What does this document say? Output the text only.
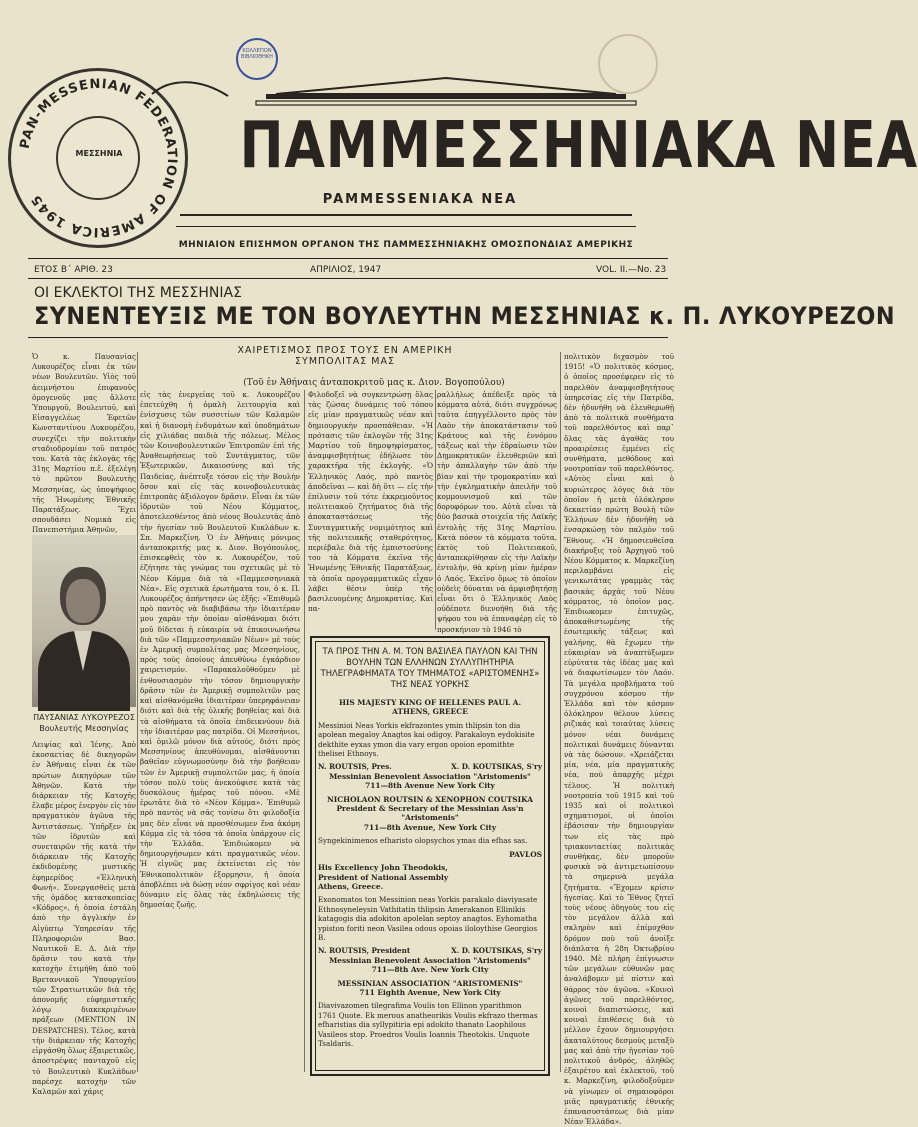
PAN-MESSENIAN FEDERATION OF AMERICA 1945
ΜΕΣΣΗΝΙΑ
ΚΟΛΛΕΓΙΟΝ ΒΙΒΛΙΟΘΗΚΗ
ΠΑΜΜΕΣΣΗΝΙΑΚΑ ΝΕΑ
PAMMESSENIAKA NEA
ΜΗΝΙΑΙΟΝ ΕΠΙΣΗΜΟΝ ΟΡΓΑΝΟΝ ΤΗΣ ΠΑΜΜΕΣΣΗΝΙΑΚΗΣ ΟΜΟΣΠΟΝΔΙΑΣ ΑΜΕΡΙΚΗΣ
ΕΤΟΣ Β΄ ΑΡΙΘ. 23	ΑΠΡΙΛΙΟΣ, 1947	VOL. II.—No. 23
ΟΙ ΕΚΛΕΚΤΟΙ ΤΗΣ ΜΕΣΣΗΝΙΑΣ
ΣΥΝΕΝΤΕΥΞΙΣ ΜΕ ΤΟΝ ΒΟΥΛΕΥΤΗΝ ΜΕΣΣΗΝΙΑΣ κ. Π. ΛΥΚΟΥΡΕΖΟΝ
ΧΑΙΡΕΤΙΣΜΟΣ ΠΡΟΣ ΤΟΥΣ ΕΝ ΑΜΕΡΙΚΗ ΣΥΜΠΟΛΙΤΑΣ ΜΑΣ
(Τοῦ ἐν Ἀθήναις ἀνταποκριτοῦ μας κ. Διον. Βογοπούλου)
Ὁ κ. Παυσανίας Λυκουρέζος εἶναι ἐκ τῶν νέων Βουλευτῶν. Υἱὸς τοῦ ἀειμνήστου ἐπιφανοῦς ὁμογενοῦς μας ἄλλοτε Ὑπουργοῦ, Βουλευτοῦ, καὶ Εἰσαγγελέως Ἐφετῶν Κωνσταντίνου Λυκουρέζου, συνεχίζει τὴν πολιτικὴν σταδιοδρομίαν τοῦ πατρός του. Κατὰ τὰς ἐκλογὰς τῆς 31ης Μαρτίου π.ἔ. ἐξελέγη τὸ πρῶτον Βουλευτὴς Μεσσηνίας, ὡς ὑποψήφιος τῆς Ἡνωμένης Ἐθνικῆς Παρατάξεως. Ἔχει σπουδάσει Νομικὰ εἰς Πανεπιστήμια Ἀθηνῶν,
ΠΑΥΣΑΝΙΑΣ ΛΥΚΟΥΡΕΖΟΣ
Βουλευτής Μεσσηνίας
Λειψίας καὶ Ἰένης. Ἀπὸ ἐκοσαετίας δὲ δικηγορῶν ἐν Ἀθήναις εἶναι ἐκ τῶν πρώτων Δικηγόρων τῶν Ἀθηνῶν. Κατὰ τὴν διάρκειαν τῆς Κατοχῆς ἔλαβε μέρος ἐνεργὸν εἰς τὸν πραγματικὸν ἀγῶνα τῆς Ἀντιστάσεως. Ὑπῆρξεν ἐκ τῶν ἱδρυτῶν καὶ συνεταιρῶν τῆς κατὰ τὴν διάρκειαν τῆς Κατοχῆς ἐκδιδομένης μυστικῆς ἐφημερίδος «Ἐλληνικὴ Φωνή». Συνεργασθεὶς μετὰ τῆς ὁμάδος κατασκοπείας «Κόδρος», ἡ ὁποία ἐστάλη ἀπὸ τὴν ἀγγλικὴν ἐν Αἰγύπτῳ Ὑπηρεσίαν τῆς Πληροφοριῶν Βασ. Ναυτικοῦ Ε. Δ. Διὰ τὴν δρᾶσιν του κατὰ τὴν κατοχὴν ἐτιμήθη ἀπὸ τοῦ Βρεταννικοῦ Ὑπουργείου τῶν Στρατιωτικῶν διὰ τῆς ἀπονομῆς εὐφημιστικῆς λόγῳ διακεκριμένων πράξεων (MENTION IN DESPATCHES). Τέλος, κατὰ τὴν διάρκειαν τῆς Κατοχῆς εἰργάσθη ὅλως ἐξαιρετικῶς, ἀποστρέψας πανταχοῦ εἰς τὸ Βουλευτικὸ Κυκλάδων παρέσχε κατοχὴν τῶν Καλαμῶν καὶ χάρις
εἰς τὰς ἐνεργείας τοῦ κ. Λυκουρέζου ἐπετεύχθη ἡ ὁμαλὴ λειτουργία καὶ ἐνίσχυσις τῶν συσσιτίων τῶν Καλαμῶν καὶ ἡ διανομὴ ἐνδυμάτων καὶ ὑποδημάτων εἰς χιλιάδας παιδιὰ τῆς πόλεως. Μέλος τῶν Κοινοβουλευτικῶν Ἐπιτροπῶν ἐπὶ τῆς Ἀναθεωρήσεως τοῦ Συντάγματος, τῶν Ἐξωτερικῶν, Δικαιοσύνης καὶ τῆς Παιδείας, ἀνέπτυξε τόσον εἰς τὴν Βουλὴν ὅσον καὶ εἰς τὰς κοινοβουλευτικὰς ἐπιτροπὰς ἀξιόλογον δρᾶσιν. Εἶναι ἐκ τῶν ἱδρυτῶν τοῦ Νέου Κόμματος, ἀποτελεσθέντος ἀπὸ νέους Βουλευτὰς ἀπὸ τὴν ἡγεσίαν τοῦ Βουλευτοῦ Κυκλάδων κ. Σπ. Μαρκεζίνη. Ὁ ἐν Ἀθήναις μόνιμος ἀνταποκριτής μας κ. Διον. Βογόπουλος, ἐπισκεφθεὶς τὸν κ. Λυκουρέζον, τοῦ ἐζήτησε τὰς γνώμας του σχετικῶς μὲ τὸ Νέον Κόμμα διὰ τὰ «Παμμεσσηνιακὰ Νέα». Εἰς σχετικὰ ἐρωτήματα του, ὁ κ. Π. Λυκουρέζος ἀπήντησεν ὡς ἑξῆς: «Ἐπιθυμῶ πρὸ παντὸς νὰ διαβιβάσω τὴν ἰδιαιτέραν μου χαρὰν τὴν ὁποίαν αἰσθάνομαι διότι μοῦ δίδεται ἡ εὐκαιρία νὰ ἐπικοινωνήσω διὰ τῶν «Παμμεσσηνιακῶν Νέων» μὲ τοὺς ἐν Ἀμερικῇ συμπολίτας μας Μεσσηνίους, πρὸς τοὺς ὁποίους ἀπευθύνω ἐγκάρδιον χαιρετισμόν. «Παρακαλοῦθοῦμεν μὲ ἐνθουσιασμὸν τὴν τόσον δημιουργικὴν δρᾶσιν τῶν ἐν Ἀμερικῇ συμπολιτῶν μας καὶ αἰσθανόμεθα ἰδιαιτέραν ὑπερηφάνειαν διότι καὶ διὰ τῆς ὑλικῆς βοηθείας καὶ διὰ τὰ αἰσθήματα τὰ ὁποῖα ἐπιδεικνύουν διὰ τὴν ἰδιαιτέραν μας πατρίδα. Οἱ Μεσσήνιοι, καὶ ὁμιλῶ μόνον διὰ αὐτούς, διότι πρὸς Μεσσηνίους ἀπευθύνομαι, αἰσθάνονται βαθεῖαν εὐγνωμοσύνην διὰ τὴν βοήθειαν τῶν ἐν Ἀμερικῇ συμπολιτῶν μας, ἡ ὁποία τόσον πολὺ τοὺς ἀνεκούφισε κατὰ τὰς δυσκόλους ἡμέρας τοῦ πόνου. «Μὲ ἐρωτᾶτε διὰ τὸ «Νέον Κόμμα». Ἐπιθυμῶ πρὸ παντὸς νὰ σᾶς τονίσω ὅτι φιλοδοξία μας δὲν εἶναι νὰ προσθέσωμεν ἕνα ἀκόμη Κόμμα εἰς τὰ τόσα τὰ ὁποῖα ὑπάρχουν εἰς τὴν Ἑλλάδα. Ἐπιδιώκομεν νὰ δημιουργήσωμεν κάτι πραγματικῶς νέον. Ἡ εἰγνῶς μας ἐκτείνεται εἰς τὸν Ἐθνικοπολιτικὸν ἐξορμησιν, ἡ ὁποία ἀποβλέπει νὰ δώσῃ νέον σφρίγος καὶ νέαν δύναμιν εἰς ὅλας τὰς ἐκδηλώσεις τῆς δημοσίας ζωῆς.
Φιλοδοξεῖ νὰ συγκεντρώσῃ ὅλας τὰς ζώσας δυνάμεις τοῦ τόπου εἰς μίαν πραγματικῶς νέαν καὶ δημιουργικὴν προσπάθειαν. «Ἡ πρότασις τῶν ἐκλογῶν τῆς 31ης Μαρτίου τοῦ δημοψηφίσματος, ἀναμφισβητήτως ἐδήλωσε τὸν χαρακτῆρα τῆς ἐκλογῆς. «Ὁ Ἑλληνικὸς Λαός, πρὸ παντὸς ἀποδεῖναι — καὶ δὴ ὅτι — εἰς τὴν ἐπίλυσιν τοῦ τότε ἐκκρεμοῦντος πολιτειακοῦ ζητήματος διὰ τῆς ἀποκαταστάσεως τῆς Συνταγματικῆς νομιμότητος καὶ τῆς πολιτειακῆς σταθερότητος, περιέβαλε διὰ τῆς ἐμπιστοσύνης του τὰ Κόμματα ἐκεῖνα τῆς Ἡνωμένης Ἐθνικῆς Παρατάξεως, τὰ ὁποῖα προγραμματικῶς εἶχαν λάβει θέσιν ὑπὲρ τῆς βασιλευομένης Δημοκρατίας. Καὶ πα-
ραλλήλως ἀπέδειξε πρὸς τὰ κόμματα αὐτά, διότι συγχρόνως ταῦτα ἐπηγγέλλοντο πρὸς τὸν Λαὸν τὴν ἀποκατάστασιν τοῦ Κράτους καὶ τῆς ἐννόμου τάξεως καὶ τὴν ἑδραίωσιν τῶν Δημοκρατικῶν ἐλευθεριῶν καὶ τὴν ἀπαλλαγὴν τῶν ἀπὸ τὴν βίαν καὶ τὴν τρομοκρατίαν καὶ τὴν ἐγκληματικὴν ἀπειλὴν τοῦ κομμουνισμοῦ καὶ τῶν δορυφόρων του. Αὐτὰ εἶναι τὰ δύο βασικὰ στοιχεῖα τῆς Λαϊκῆς ἐντολῆς τῆς 31ης Μαρτίου. Κατὰ πόσον τὰ κόμματα τοῦτα, ἐκτὸς τοῦ Πολιτειακοῦ, ἀνταπεκρίθησαν εἰς τὴν Λαϊκὴν ἐντολήν, θὰ κρίνῃ μίαν ἡμέραν ὁ Λαός. Ἐκεῖνο ὅμως τὸ ὁποῖον οὐδεὶς δύναται νὰ ἀμφισβητήσῃ εἶναι ὅτι ὁ Ἑλληνικὸς Λαὸς οὐδέποτε διενοήθη διὰ τῆς ψήφου του νὰ ἐπαναφέρῃ εἰς τὸ προσκήνιον τὸ 1946 τὸ
πολιτικὸν διχασμὸν τοῦ 1915! «Ὁ πολιτικὸς κόσμος, ὁ ὁποῖος προσέφερεν εἰς τὸ παρελθὸν ἀναμφισβητήτους ὑπηρεσίας εἰς τὴν Πατρίδα, δὲν ἠδυνήθη νὰ ἐλευθερωθῇ ἀπὸ τὰ πολιτικὰ συνθήματα τοῦ παρελθόντος καὶ παρ᾽ ὅλας τὰς ἀγαθὰς του προαιρέσεις ἐμμένει εἰς συνθήματα, μεθόδους καὶ νοοτροπίαν τοῦ παρελθόντος. «Αὐτὸς εἶναι καὶ ὁ κυριώτερος λόγος διὰ τὸν ὁποῖον ἡ μετὰ ὁλόκληρον δεκαετίαν πρώτη Βουλὴ τῶν Ἑλλήνων δὲν ἠδυνήθη νὰ ἐνσαρκώσῃ τὸν παλμὸν τοῦ Ἔθνους. «Ἡ δημοσιευθεῖσα διακήρυξις τοῦ Ἀρχηγοῦ τοῦ Νέου Κόμματος κ. Μαρκεζίνη περιλαμβάνει εἰς γενικωτάτας γραμμὰς τὰς βασικὰς ἀρχάς τοῦ Νέου κόμματος, τὸ ὁποῖον μας. Ἐπιδιωκομεν ἐπιτυχῶς, ἀποκαθιστωμένης τῆς ἐσωτερικῆς τάξεως καὶ γαλήνης, θὰ ἔχωμεν τὴν εὐκαιρίαν νὰ ἀναπτύξωμεν εὐρύτατα τὰς ἰδέας μας καὶ νὰ διαφωτίσωμεν τὸν Λαόν. Τὰ μεγάλα προβλήματα τοῦ συγχρόνου κόσμου τὴν Ἑλλάδα καὶ τὸν κόσμον ὁλόκληρον θέλουν λύσεις ριζικάς καὶ τοιαύτας λύσεις μόνον νέαι δυνάμεις πολιτικαὶ δυνάμεις δύνανται νὰ τὰς δώσουν. «Χρειάζεται μία, νέα, μία πραγματικὴς νέα, ποὺ ἀπαρχῆς μέχρι τέλους. Ἡ πολιτικὴ νοοτροπία τοῦ 1915 καὶ τοῦ 1935 καὶ οἱ πολιτικοὶ σχηματισμοί, οἱ ὁποῖοι ἐβάσισαν τὴν δημιουργίαν των εἰς τὰς πρὸ τριακονταετίας πολιτικὰς συνθήκας, δὲν μποροῦν φυσικὰ νὰ ἀντιμετωπίσουν τὰ σημερινὰ μεγάλα ζητήματα. «Ἔχομεν κρίσιν ἡγεσίας. Καὶ τὸ Ἔθνος ζητεῖ τοὺς νέους ὁδηγοὺς του εἰς τὸν μεγάλον ἀλλὰ καὶ σκληρὸν καὶ ἐπίμοχθον δρόμον ποὺ τοῦ ἀνοίξε διάπλατα ἡ 28η Ὀκτωβρίου 1940. Μὲ πλήρη ἐπίγνωσιν τῶν μεγάλων εὐθυνῶν μας ἀναλάβομεν μὲ πίστιν καὶ θάρρος τὸν ἀγῶνα. «Κοινοὶ ἀγῶνες τοῦ παρελθόντος, κοινοὶ διαπιστώσεις, καὶ κοιναὶ ἐπιθέσεις διὰ τὸ μέλλον ἔχουν δημιουργήσει ἀκαταλύτους δεσμοὺς μεταξὺ μας καὶ ἀπὸ τὴν ἡγεσίαν τοῦ πολιτικοῦ ἀνδρός, ἀληθῶς ἐξαιρέτου καὶ ἐκλεκτοῦ, τοῦ κ. Μαρκεζίνη, φιλοδοξοῦμεν νὰ γίνωμεν οἱ σημαιοφόροι μιᾶς πραγματικῆς ἐθνικῆς ἐπανασυστάσεως διὰ μίαν Νέαν Ἑλλάδα».
ΤΑ ΠΡΟΣ ΤΗΝ Α. Μ. ΤΟΝ ΒΑΣΙΛΕΑ ΠΑΥΛΟΝ ΚΑΙ ΤΗΝ ΒΟΥΛΗΝ ΤΩΝ ΕΛΛΗΝΩΝ ΣΥΛΛΥΠΗΤΗΡΙΑ ΤΗΛΕΓΡΑΦΗΜΑΤΑ ΤΟΥ ΤΜΗΜΑΤΟΣ «ΑΡΙΣΤΟΜΕΝΗΣ» ΤΗΣ ΝΕΑΣ ΥΟΡΚΗΣ

HIS MAJESTY KING OF HELLENES PAUL A.
ATHENS, GREECE

Messinioi Neas Yorkis ekfrazontes ymin thlipsin ton dia apolean megaloy Anagtos kai odigoy. Parakaloyn eydokisite dekthite eyxas ymon dia vary ergon opoion epomithte thelisei Ethnoys.

N. ROUTSIS, Pres.	X. D. KOUTSIKAS, S'ry

Messinian Benevolent Association "Aristomenis"
711—8th Avenue New York City

NICHOLAON ROUTSIN & XENOPHON COUTSIKA
President & Secretary of the Messinian Ass'n "Aristomenis"
711—8th Avenue, New York City

Syngekinimenos efharisto olopsychos ymas dia efhas sas.

PAVLOS

His Excellency John Theodokis,
President of National Assembly
Athens, Greece.

Exonomatos ton Messinion neas Yorkis parakalo diaviyasate Ethnosyneleysin Vathitatin thlipsin Amerakanon Ellinikis katagogis dia adokiton apolelan septoy anagtos. Eyhomatha ypiston foriti neon Vasilea odous opoias iloloythise Georgios B.

N. ROUTSIS, President	X. D. KOUTSIKAS, S'ry

Messinian Benevolent Association "Aristomenis"
711—8th Ave. New York City

MESSINIAN ASSOCIATION "ARISTOMENIS"
711 Eighth Avenue, New York City

Diavivazomen tilegrafima Voulis ton Ellinon yparithmon 1761 Quote. Ek merous anatheorikis Voulis ekfrazo thermas efharistias dia syllypitiria epi adokito thanato Laophilous Vasileos stop. Proedros Voulis Ioannis Theotokis. Unquote Tsaldaris.
